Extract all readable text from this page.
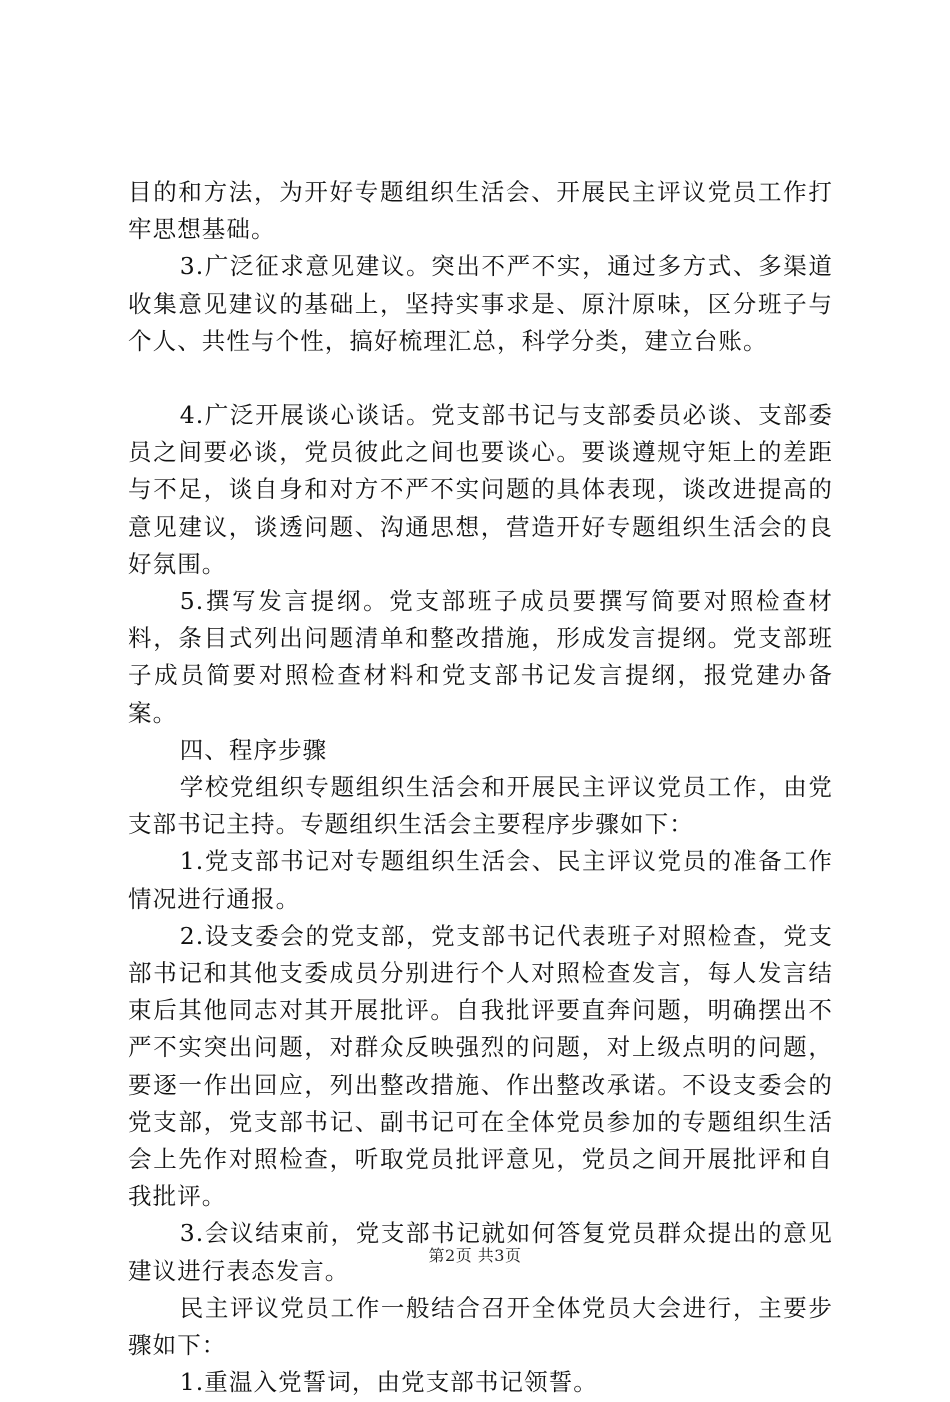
目的和方法，为开好专题组织生活会、开展民主评议党员工作打牢思想基础。

3.广泛征求意见建议。突出不严不实，通过多方式、多渠道收集意见建议的基础上，坚持实事求是、原汁原味，区分班子与个人、共性与个性，搞好梳理汇总，科学分类，建立台账。

4.广泛开展谈心谈话。党支部书记与支部委员必谈、支部委员之间要必谈，党员彼此之间也要谈心。要谈遵规守矩上的差距与不足，谈自身和对方不严不实问题的具体表现，谈改进提高的意见建议，谈透问题、沟通思想，营造开好专题组织生活会的良好氛围。

5.撰写发言提纲。党支部班子成员要撰写简要对照检查材料，条目式列出问题清单和整改措施，形成发言提纲。党支部班子成员简要对照检查材料和党支部书记发言提纲，报党建办备案。

四、程序步骤

学校党组织专题组织生活会和开展民主评议党员工作，由党支部书记主持。专题组织生活会主要程序步骤如下：

1.党支部书记对专题组织生活会、民主评议党员的准备工作情况进行通报。

2.设支委会的党支部，党支部书记代表班子对照检查，党支部书记和其他支委成员分别进行个人对照检查发言，每人发言结束后其他同志对其开展批评。自我批评要直奔问题，明确摆出不严不实突出问题，对群众反映强烈的问题，对上级点明的问题，要逐一作出回应，列出整改措施、作出整改承诺。不设支委会的党支部，党支部书记、副书记可在全体党员参加的专题组织生活会上先作对照检查，听取党员批评意见，党员之间开展批评和自我批评。

3.会议结束前，党支部书记就如何答复党员群众提出的意见建议进行表态发言。

民主评议党员工作一般结合召开全体党员大会进行，主要步骤如下：

1.重温入党誓词，由党支部书记领誓。

第2页 共3页
